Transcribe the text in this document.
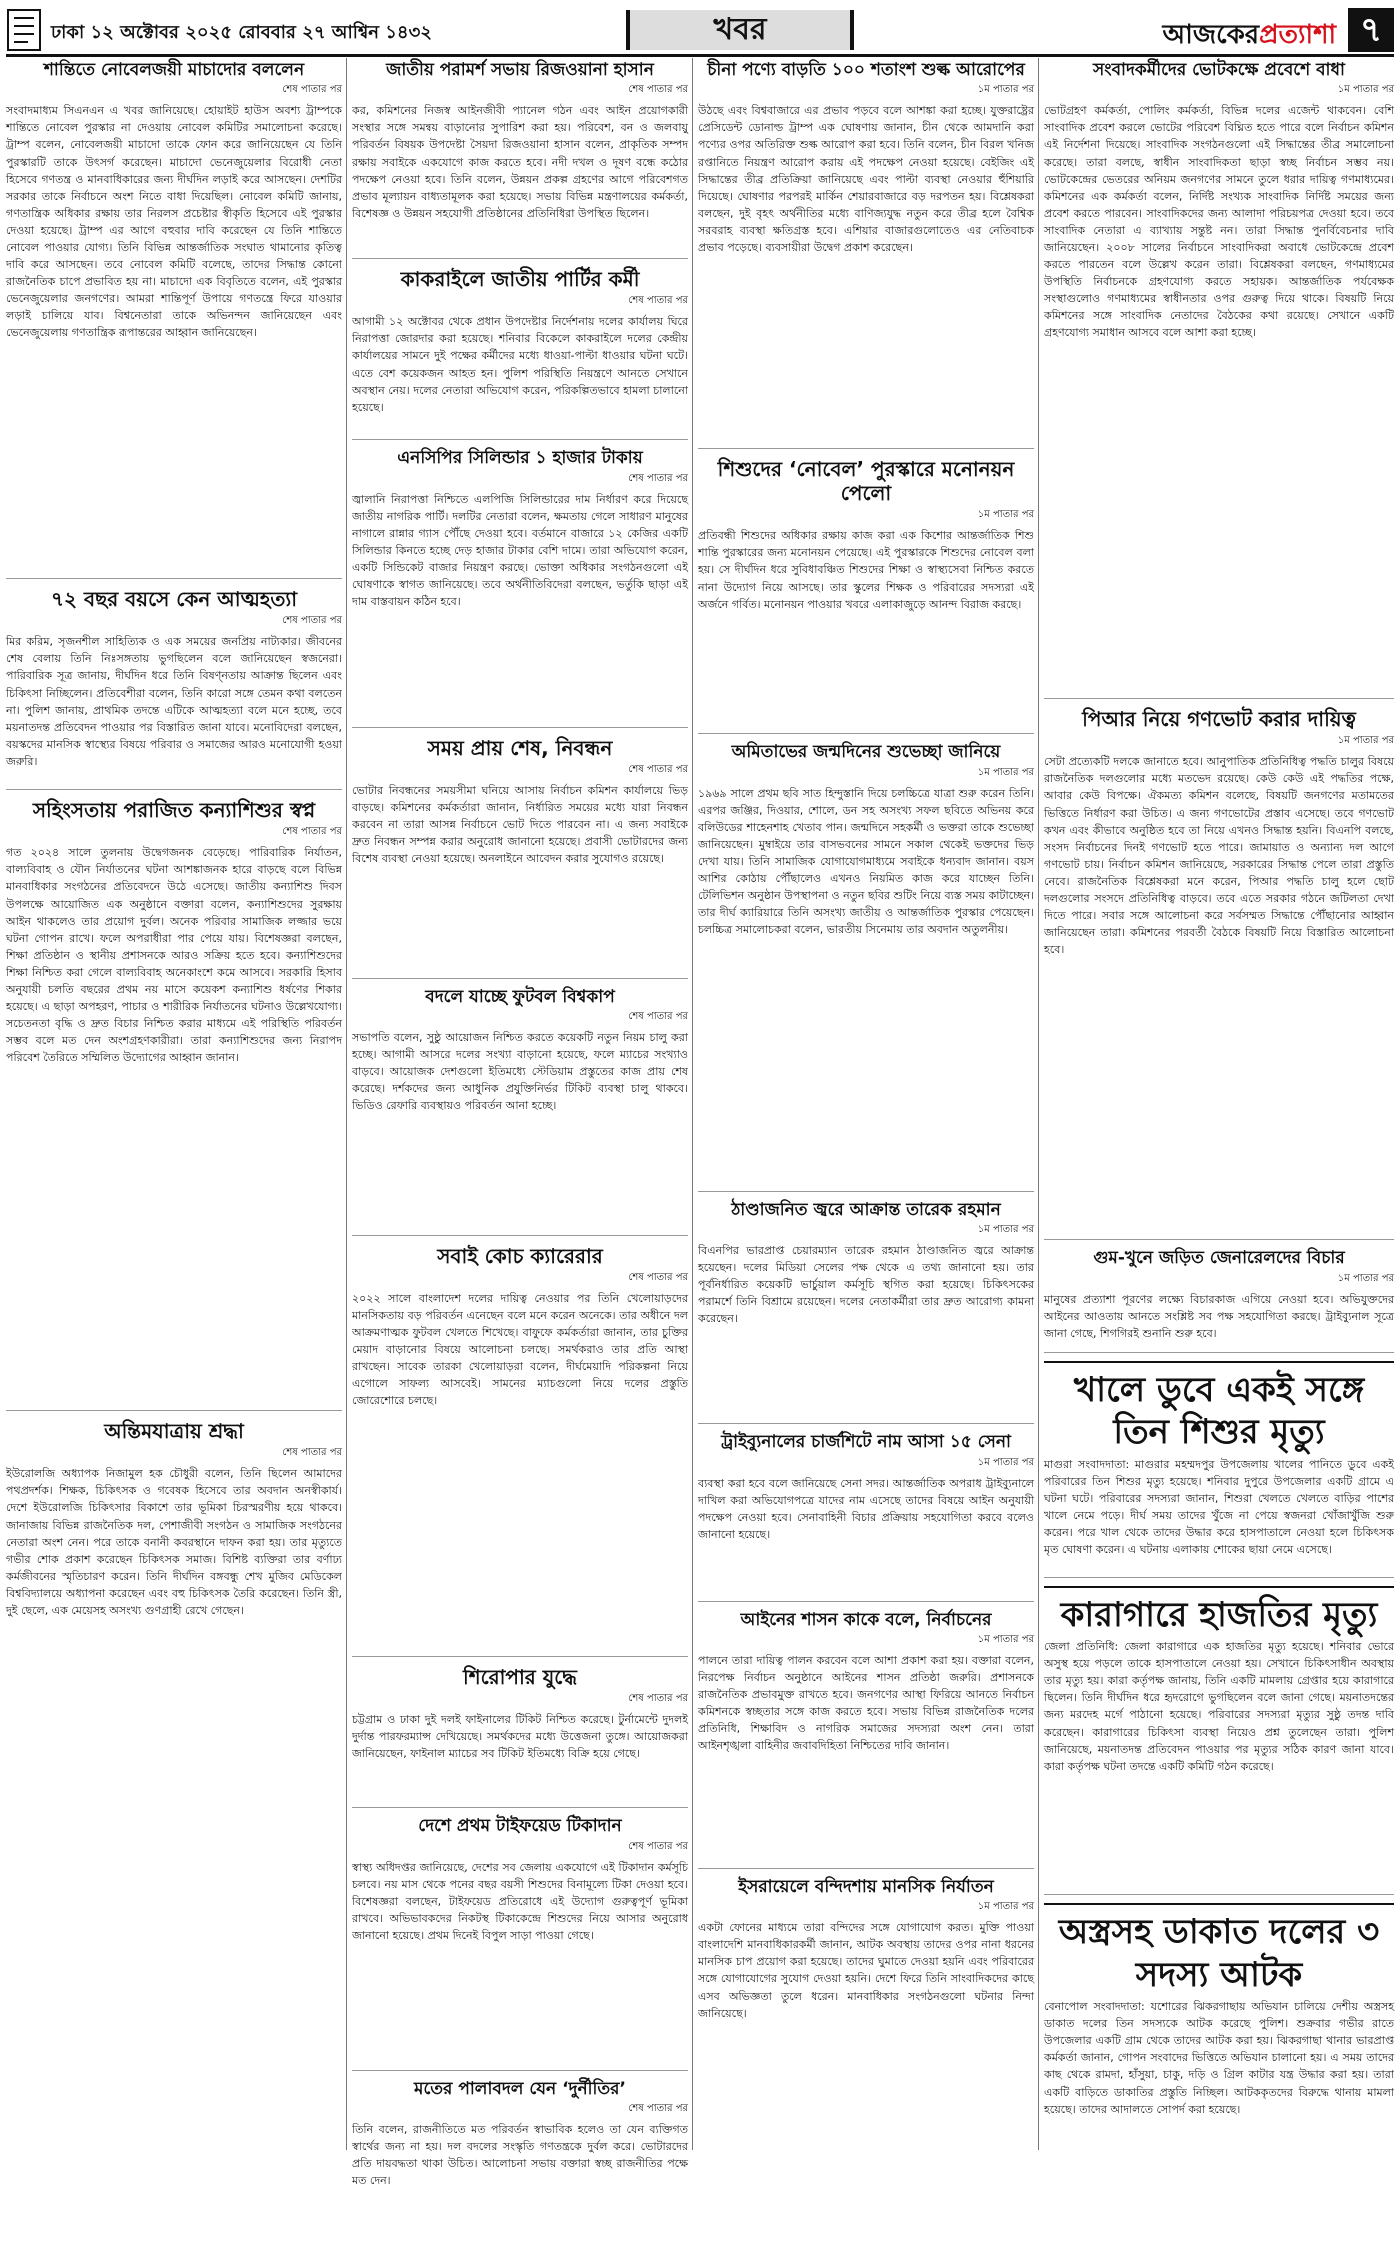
ঢাকা ১২ অক্টোবর ২০২৫ রোববার ২৭ আশ্বিন ১৪৩২	খবর	আজকেরপ্রত্যাশা ৭
শান্তিতে নোবেলজয়ী মাচাদোর বললেন
শেষ পাতার পর

সংবাদমাধ্যম সিএনএন এ খবর জানিয়েছে। হোয়াইট হাউস অবশ্য ট্রাম্পকে শান্তিতে নোবেল পুরস্কার না দেওয়ায় নোবেল কমিটির সমালোচনা করেছে। ট্রাম্প বলেন, নোবেলজয়ী মাচাদো তাকে ফোন করে জানিয়েছেন যে তিনি পুরস্কারটি তাকে উৎসর্গ করেছেন। মাচাদো ভেনেজুয়েলার বিরোধী নেতা হিসেবে গণতন্ত্র ও মানবাধিকারের জন্য দীর্ঘদিন লড়াই করে আসছেন। দেশটির সরকার তাকে নির্বাচনে অংশ নিতে বাধা দিয়েছিল। নোবেল কমিটি জানায়, গণতান্ত্রিক অধিকার রক্ষায় তার নিরলস প্রচেষ্টার স্বীকৃতি হিসেবে এই পুরস্কার দেওয়া হয়েছে। ট্রাম্প এর আগে বহুবার দাবি করেছেন যে তিনি শান্তিতে নোবেল পাওয়ার যোগ্য। তিনি বিভিন্ন আন্তর্জাতিক সংঘাত থামানোর কৃতিত্ব দাবি করে আসছেন। তবে নোবেল কমিটি বলেছে, তাদের সিদ্ধান্ত কোনো রাজনৈতিক চাপে প্রভাবিত হয় না। মাচাদো এক বিবৃতিতে বলেন, এই পুরস্কার ভেনেজুয়েলার জনগণের। আমরা শান্তিপূর্ণ উপায়ে গণতন্ত্রে ফিরে যাওয়ার লড়াই চালিয়ে যাব। বিশ্বনেতারা তাকে অভিনন্দন জানিয়েছেন এবং ভেনেজুয়েলায় গণতান্ত্রিক রূপান্তরের আহ্বান জানিয়েছেন।

৭২ বছর বয়সে কেন আত্মহত্যা
শেষ পাতার পর

মির করিম, সৃজনশীল সাহিত্যিক ও এক সময়ের জনপ্রিয় নাট্যকার। জীবনের শেষ বেলায় তিনি নিঃসঙ্গতায় ভুগছিলেন বলে জানিয়েছেন স্বজনেরা। পারিবারিক সূত্র জানায়, দীর্ঘদিন ধরে তিনি বিষণ্নতায় আক্রান্ত ছিলেন এবং চিকিৎসা নিচ্ছিলেন। প্রতিবেশীরা বলেন, তিনি কারো সঙ্গে তেমন কথা বলতেন না। পুলিশ জানায়, প্রাথমিক তদন্তে এটিকে আত্মহত্যা বলে মনে হচ্ছে, তবে ময়নাতদন্ত প্রতিবেদন পাওয়ার পর বিস্তারিত জানা যাবে। মনোবিদেরা বলছেন, বয়স্কদের মানসিক স্বাস্থ্যের বিষয়ে পরিবার ও সমাজের আরও মনোযোগী হওয়া জরুরি।

সহিংসতায় পরাজিত কন্যাশিশুর স্বপ্ন
শেষ পাতার পর

গত ২০২৪ সালে তুলনায় উদ্বেগজনক বেড়েছে। পারিবারিক নির্যাতন, বাল্যবিবাহ ও যৌন নির্যাতনের ঘটনা আশঙ্কাজনক হারে বাড়ছে বলে বিভিন্ন মানবাধিকার সংগঠনের প্রতিবেদনে উঠে এসেছে। জাতীয় কন্যাশিশু দিবস উপলক্ষে আয়োজিত এক অনুষ্ঠানে বক্তারা বলেন, কন্যাশিশুদের সুরক্ষায় আইন থাকলেও তার প্রয়োগ দুর্বল। অনেক পরিবার সামাজিক লজ্জার ভয়ে ঘটনা গোপন রাখে। ফলে অপরাধীরা পার পেয়ে যায়। বিশেষজ্ঞরা বলছেন, শিক্ষা প্রতিষ্ঠান ও স্থানীয় প্রশাসনকে আরও সক্রিয় হতে হবে। কন্যাশিশুদের শিক্ষা নিশ্চিত করা গেলে বাল্যবিবাহ অনেকাংশে কমে আসবে। সরকারি হিসাব অনুযায়ী চলতি বছরের প্রথম নয় মাসে কয়েকশ কন্যাশিশু ধর্ষণের শিকার হয়েছে। এ ছাড়া অপহরণ, পাচার ও শারীরিক নির্যাতনের ঘটনাও উল্লেখযোগ্য। সচেতনতা বৃদ্ধি ও দ্রুত বিচার নিশ্চিত করার মাধ্যমে এই পরিস্থিতি পরিবর্তন সম্ভব বলে মত দেন অংশগ্রহণকারীরা। তারা কন্যাশিশুদের জন্য নিরাপদ পরিবেশ তৈরিতে সম্মিলিত উদ্যোগের আহ্বান জানান।

অন্তিমযাত্রায় শ্রদ্ধা
শেষ পাতার পর

ইউরোলজি অধ্যাপক নিজামুল হক চৌধুরী বলেন, তিনি ছিলেন আমাদের পথপ্রদর্শক। শিক্ষক, চিকিৎসক ও গবেষক হিসেবে তার অবদান অনস্বীকার্য। দেশে ইউরোলজি চিকিৎসার বিকাশে তার ভূমিকা চিরস্মরণীয় হয়ে থাকবে। জানাজায় বিভিন্ন রাজনৈতিক দল, পেশাজীবী সংগঠন ও সামাজিক সংগঠনের নেতারা অংশ নেন। পরে তাকে বনানী কবরস্থানে দাফন করা হয়। তার মৃত্যুতে গভীর শোক প্রকাশ করেছেন চিকিৎসক সমাজ। বিশিষ্ট ব্যক্তিরা তার বর্ণাঢ্য কর্মজীবনের স্মৃতিচারণ করেন। তিনি দীর্ঘদিন বঙ্গবন্ধু শেখ মুজিব মেডিকেল বিশ্ববিদ্যালয়ে অধ্যাপনা করেছেন এবং বহু চিকিৎসক তৈরি করেছেন। তিনি স্ত্রী, দুই ছেলে, এক মেয়েসহ অসংখ্য গুণগ্রাহী রেখে গেছেন।

জাতীয় পরামর্শ সভায় রিজওয়ানা হাসান
শেষ পাতার পর

কর, কমিশনের নিজস্ব আইনজীবী প্যানেল গঠন এবং আইন প্রয়োগকারী সংস্থার সঙ্গে সমন্বয় বাড়ানোর সুপারিশ করা হয়। পরিবেশ, বন ও জলবায়ু পরিবর্তন বিষয়ক উপদেষ্টা সৈয়দা রিজওয়ানা হাসান বলেন, প্রাকৃতিক সম্পদ রক্ষায় সবাইকে একযোগে কাজ করতে হবে। নদী দখল ও দূষণ বন্ধে কঠোর পদক্ষেপ নেওয়া হবে। তিনি বলেন, উন্নয়ন প্রকল্প গ্রহণের আগে পরিবেশগত প্রভাব মূল্যায়ন বাধ্যতামূলক করা হয়েছে। সভায় বিভিন্ন মন্ত্রণালয়ের কর্মকর্তা, বিশেষজ্ঞ ও উন্নয়ন সহযোগী প্রতিষ্ঠানের প্রতিনিধিরা উপস্থিত ছিলেন।

কাকরাইলে জাতীয় পার্টির কর্মী
শেষ পাতার পর

আগামী ১২ অক্টোবর থেকে প্রধান উপদেষ্টার নির্দেশনায় দলের কার্যালয় ঘিরে নিরাপত্তা জোরদার করা হয়েছে। শনিবার বিকেলে কাকরাইলে দলের কেন্দ্রীয় কার্যালয়ের সামনে দুই পক্ষের কর্মীদের মধ্যে ধাওয়া-পাল্টা ধাওয়ার ঘটনা ঘটে। এতে বেশ কয়েকজন আহত হন। পুলিশ পরিস্থিতি নিয়ন্ত্রণে আনতে সেখানে অবস্থান নেয়। দলের নেতারা অভিযোগ করেন, পরিকল্পিতভাবে হামলা চালানো হয়েছে।

এনসিপির সিলিন্ডার ১ হাজার টাকায়
শেষ পাতার পর

জ্বালানি নিরাপত্তা নিশ্চিতে এলপিজি সিলিন্ডারের দাম নির্ধারণ করে দিয়েছে জাতীয় নাগরিক পার্টি। দলটির নেতারা বলেন, ক্ষমতায় গেলে সাধারণ মানুষের নাগালে রান্নার গ্যাস পৌঁছে দেওয়া হবে। বর্তমানে বাজারে ১২ কেজির একটি সিলিন্ডার কিনতে হচ্ছে দেড় হাজার টাকার বেশি দামে। তারা অভিযোগ করেন, একটি সিন্ডিকেট বাজার নিয়ন্ত্রণ করছে। ভোক্তা অধিকার সংগঠনগুলো এই ঘোষণাকে স্বাগত জানিয়েছে। তবে অর্থনীতিবিদেরা বলছেন, ভর্তুকি ছাড়া এই দাম বাস্তবায়ন কঠিন হবে।

সময় প্রায় শেষ, নিবন্ধন
শেষ পাতার পর

ভোটার নিবন্ধনের সময়সীমা ঘনিয়ে আসায় নির্বাচন কমিশন কার্যালয়ে ভিড় বাড়ছে। কমিশনের কর্মকর্তারা জানান, নির্ধারিত সময়ের মধ্যে যারা নিবন্ধন করবেন না তারা আসন্ন নির্বাচনে ভোট দিতে পারবেন না। এ জন্য সবাইকে দ্রুত নিবন্ধন সম্পন্ন করার অনুরোধ জানানো হয়েছে। প্রবাসী ভোটারদের জন্য বিশেষ ব্যবস্থা নেওয়া হয়েছে। অনলাইনে আবেদন করার সুযোগও রয়েছে।

বদলে যাচ্ছে ফুটবল বিশ্বকাপ
শেষ পাতার পর

সভাপতি বলেন, সুষ্ঠু আয়োজন নিশ্চিত করতে কয়েকটি নতুন নিয়ম চালু করা হচ্ছে। আগামী আসরে দলের সংখ্যা বাড়ানো হয়েছে, ফলে ম্যাচের সংখ্যাও বাড়বে। আয়োজক দেশগুলো ইতিমধ্যে স্টেডিয়াম প্রস্তুতের কাজ প্রায় শেষ করেছে। দর্শকদের জন্য আধুনিক প্রযুক্তিনির্ভর টিকিট ব্যবস্থা চালু থাকবে। ভিডিও রেফারি ব্যবস্থায়ও পরিবর্তন আনা হচ্ছে।

সবাই কোচ ক্যারেরার
শেষ পাতার পর

২০২২ সালে বাংলাদেশ দলের দায়িত্ব নেওয়ার পর তিনি খেলোয়াড়দের মানসিকতায় বড় পরিবর্তন এনেছেন বলে মনে করেন অনেকে। তার অধীনে দল আক্রমণাত্মক ফুটবল খেলতে শিখেছে। বাফুফে কর্মকর্তারা জানান, তার চুক্তির মেয়াদ বাড়ানোর বিষয়ে আলোচনা চলছে। সমর্থকরাও তার প্রতি আস্থা রাখছেন। সাবেক তারকা খেলোয়াড়রা বলেন, দীর্ঘমেয়াদি পরিকল্পনা নিয়ে এগোলে সাফল্য আসবেই। সামনের ম্যাচগুলো নিয়ে দলের প্রস্তুতি জোরেশোরে চলছে।

শিরোপার যুদ্ধে
শেষ পাতার পর

চট্টগ্রাম ও ঢাকা দুই দলই ফাইনালের টিকিট নিশ্চিত করেছে। টুর্নামেন্টে দুদলই দুর্দান্ত পারফরম্যান্স দেখিয়েছে। সমর্থকদের মধ্যে উত্তেজনা তুঙ্গে। আয়োজকরা জানিয়েছেন, ফাইনাল ম্যাচের সব টিকিট ইতিমধ্যে বিক্রি হয়ে গেছে।

দেশে প্রথম টাইফয়েড টিকাদান
শেষ পাতার পর

স্বাস্থ্য অধিদপ্তর জানিয়েছে, দেশের সব জেলায় একযোগে এই টিকাদান কর্মসূচি চলবে। নয় মাস থেকে পনের বছর বয়সী শিশুদের বিনামূল্যে টিকা দেওয়া হবে। বিশেষজ্ঞরা বলছেন, টাইফয়েড প্রতিরোধে এই উদ্যোগ গুরুত্বপূর্ণ ভূমিকা রাখবে। অভিভাবকদের নিকটস্থ টিকাকেন্দ্রে শিশুদের নিয়ে আসার অনুরোধ জানানো হয়েছে। প্রথম দিনেই বিপুল সাড়া পাওয়া গেছে।

মতের পালাবদল যেন ‘দুর্নীতির’
শেষ পাতার পর

তিনি বলেন, রাজনীতিতে মত পরিবর্তন স্বাভাবিক হলেও তা যেন ব্যক্তিগত স্বার্থের জন্য না হয়। দল বদলের সংস্কৃতি গণতন্ত্রকে দুর্বল করে। ভোটারদের প্রতি দায়বদ্ধতা থাকা উচিত। আলোচনা সভায় বক্তারা স্বচ্ছ রাজনীতির পক্ষে মত দেন।

চীনা পণ্যে বাড়তি ১০০ শতাংশ শুল্ক আরোপের
১ম পাতার পর

উঠছে এবং বিশ্ববাজারে এর প্রভাব পড়বে বলে আশঙ্কা করা হচ্ছে। যুক্তরাষ্ট্রের প্রেসিডেন্ট ডোনাল্ড ট্রাম্প এক ঘোষণায় জানান, চীন থেকে আমদানি করা পণ্যের ওপর অতিরিক্ত শুল্ক আরোপ করা হবে। তিনি বলেন, চীন বিরল খনিজ রপ্তানিতে নিয়ন্ত্রণ আরোপ করায় এই পদক্ষেপ নেওয়া হয়েছে। বেইজিং এই সিদ্ধান্তের তীব্র প্রতিক্রিয়া জানিয়েছে এবং পাল্টা ব্যবস্থা নেওয়ার হুঁশিয়ারি দিয়েছে। ঘোষণার পরপরই মার্কিন শেয়ারবাজারে বড় দরপতন হয়। বিশ্লেষকরা বলছেন, দুই বৃহৎ অর্থনীতির মধ্যে বাণিজ্যযুদ্ধ নতুন করে তীব্র হলে বৈশ্বিক সরবরাহ ব্যবস্থা ক্ষতিগ্রস্ত হবে। এশিয়ার বাজারগুলোতেও এর নেতিবাচক প্রভাব পড়েছে। ব্যবসায়ীরা উদ্বেগ প্রকাশ করেছেন।

শিশুদের ‘নোবেল’ পুরস্কারে মনোনয়ন পেলো
১ম পাতার পর

প্রতিবন্ধী শিশুদের অধিকার রক্ষায় কাজ করা এক কিশোর আন্তর্জাতিক শিশু শান্তি পুরস্কারের জন্য মনোনয়ন পেয়েছে। এই পুরস্কারকে শিশুদের নোবেল বলা হয়। সে দীর্ঘদিন ধরে সুবিধাবঞ্চিত শিশুদের শিক্ষা ও স্বাস্থ্যসেবা নিশ্চিত করতে নানা উদ্যোগ নিয়ে আসছে। তার স্কুলের শিক্ষক ও পরিবারের সদস্যরা এই অর্জনে গর্বিত। মনোনয়ন পাওয়ার খবরে এলাকাজুড়ে আনন্দ বিরাজ করছে।

অমিতাভের জন্মদিনের শুভেচ্ছা জানিয়ে
১ম পাতার পর

১৯৬৯ সালে প্রথম ছবি সাত হিন্দুস্তানি দিয়ে চলচ্চিত্রে যাত্রা শুরু করেন তিনি। এরপর জঞ্জির, দিওয়ার, শোলে, ডন সহ অসংখ্য সফল ছবিতে অভিনয় করে বলিউডের শাহেনশাহ খেতাব পান। জন্মদিনে সহকর্মী ও ভক্তরা তাকে শুভেচ্ছা জানিয়েছেন। মুম্বাইয়ে তার বাসভবনের সামনে সকাল থেকেই ভক্তদের ভিড় দেখা যায়। তিনি সামাজিক যোগাযোগমাধ্যমে সবাইকে ধন্যবাদ জানান। বয়স আশির কোঠায় পৌঁছালেও এখনও নিয়মিত কাজ করে যাচ্ছেন তিনি। টেলিভিশন অনুষ্ঠান উপস্থাপনা ও নতুন ছবির শুটিং নিয়ে ব্যস্ত সময় কাটাচ্ছেন। তার দীর্ঘ ক্যারিয়ারে তিনি অসংখ্য জাতীয় ও আন্তর্জাতিক পুরস্কার পেয়েছেন। চলচ্চিত্র সমালোচকরা বলেন, ভারতীয় সিনেমায় তার অবদান অতুলনীয়।

ঠাণ্ডাজনিত জ্বরে আক্রান্ত তারেক রহমান
১ম পাতার পর

বিএনপির ভারপ্রাপ্ত চেয়ারম্যান তারেক রহমান ঠাণ্ডাজনিত জ্বরে আক্রান্ত হয়েছেন। দলের মিডিয়া সেলের পক্ষ থেকে এ তথ্য জানানো হয়। তার পূর্বনির্ধারিত কয়েকটি ভার্চুয়াল কর্মসূচি স্থগিত করা হয়েছে। চিকিৎসকের পরামর্শে তিনি বিশ্রামে রয়েছেন। দলের নেতাকর্মীরা তার দ্রুত আরোগ্য কামনা করেছেন।

ট্রাইব্যুনালের চার্জশিটে নাম আসা ১৫ সেনা
১ম পাতার পর

ব্যবস্থা করা হবে বলে জানিয়েছে সেনা সদর। আন্তর্জাতিক অপরাধ ট্রাইব্যুনালে দাখিল করা অভিযোগপত্রে যাদের নাম এসেছে তাদের বিষয়ে আইন অনুযায়ী পদক্ষেপ নেওয়া হবে। সেনাবাহিনী বিচার প্রক্রিয়ায় সহযোগিতা করবে বলেও জানানো হয়েছে।

আইনের শাসন কাকে বলে, নির্বাচনের
১ম পাতার পর

পালনে তারা দায়িত্ব পালন করবেন বলে আশা প্রকাশ করা হয়। বক্তারা বলেন, নিরপেক্ষ নির্বাচন অনুষ্ঠানে আইনের শাসন প্রতিষ্ঠা জরুরি। প্রশাসনকে রাজনৈতিক প্রভাবমুক্ত রাখতে হবে। জনগণের আস্থা ফিরিয়ে আনতে নির্বাচন কমিশনকে স্বচ্ছতার সঙ্গে কাজ করতে হবে। সভায় বিভিন্ন রাজনৈতিক দলের প্রতিনিধি, শিক্ষাবিদ ও নাগরিক সমাজের সদস্যরা অংশ নেন। তারা আইনশৃঙ্খলা বাহিনীর জবাবদিহিতা নিশ্চিতের দাবি জানান।

ইসরায়েলে বন্দিদশায় মানসিক নির্যাতন
১ম পাতার পর

একটা ফোনের মাধ্যমে তারা বন্দিদের সঙ্গে যোগাযোগ করত। মুক্তি পাওয়া বাংলাদেশি মানবাধিকারকর্মী জানান, আটক অবস্থায় তাদের ওপর নানা ধরনের মানসিক চাপ প্রয়োগ করা হয়েছে। তাদের ঘুমাতে দেওয়া হয়নি এবং পরিবারের সঙ্গে যোগাযোগের সুযোগ দেওয়া হয়নি। দেশে ফিরে তিনি সাংবাদিকদের কাছে এসব অভিজ্ঞতা তুলে ধরেন। মানবাধিকার সংগঠনগুলো ঘটনার নিন্দা জানিয়েছে।

সংবাদকর্মীদের ভোটকক্ষে প্রবেশে বাধা
১ম পাতার পর

ভোটগ্রহণ কর্মকর্তা, পোলিং কর্মকর্তা, বিভিন্ন দলের এজেন্ট থাকবেন। বেশি সাংবাদিক প্রবেশ করলে ভোটের পরিবেশ বিঘ্নিত হতে পারে বলে নির্বাচন কমিশন এই নির্দেশনা দিয়েছে। সাংবাদিক সংগঠনগুলো এই সিদ্ধান্তের তীব্র সমালোচনা করেছে। তারা বলছে, স্বাধীন সাংবাদিকতা ছাড়া স্বচ্ছ নির্বাচন সম্ভব নয়। ভোটকেন্দ্রের ভেতরের অনিয়ম জনগণের সামনে তুলে ধরার দায়িত্ব গণমাধ্যমের। কমিশনের এক কর্মকর্তা বলেন, নির্দিষ্ট সংখ্যক সাংবাদিক নির্দিষ্ট সময়ের জন্য প্রবেশ করতে পারবেন। সাংবাদিকদের জন্য আলাদা পরিচয়পত্র দেওয়া হবে। তবে সাংবাদিক নেতারা এ ব্যাখ্যায় সন্তুষ্ট নন। তারা সিদ্ধান্ত পুনর্বিবেচনার দাবি জানিয়েছেন। ২০০৮ সালের নির্বাচনে সাংবাদিকরা অবাধে ভোটকেন্দ্রে প্রবেশ করতে পারতেন বলে উল্লেখ করেন তারা। বিশ্লেষকরা বলছেন, গণমাধ্যমের উপস্থিতি নির্বাচনকে গ্রহণযোগ্য করতে সহায়ক। আন্তর্জাতিক পর্যবেক্ষক সংস্থাগুলোও গণমাধ্যমের স্বাধীনতার ওপর গুরুত্ব দিয়ে থাকে। বিষয়টি নিয়ে কমিশনের সঙ্গে সাংবাদিক নেতাদের বৈঠকের কথা রয়েছে। সেখানে একটি গ্রহণযোগ্য সমাধান আসবে বলে আশা করা হচ্ছে।

পিআর নিয়ে গণভোট করার দায়িত্ব
১ম পাতার পর

সেটা প্রত্যেকটি দলকে জানাতে হবে। আনুপাতিক প্রতিনিধিত্ব পদ্ধতি চালুর বিষয়ে রাজনৈতিক দলগুলোর মধ্যে মতভেদ রয়েছে। কেউ কেউ এই পদ্ধতির পক্ষে, আবার কেউ বিপক্ষে। ঐকমত্য কমিশন বলেছে, বিষয়টি জনগণের মতামতের ভিত্তিতে নির্ধারণ করা উচিত। এ জন্য গণভোটের প্রস্তাব এসেছে। তবে গণভোট কখন এবং কীভাবে অনুষ্ঠিত হবে তা নিয়ে এখনও সিদ্ধান্ত হয়নি। বিএনপি বলছে, সংসদ নির্বাচনের দিনই গণভোট হতে পারে। জামায়াত ও অন্যান্য দল আগে গণভোট চায়। নির্বাচন কমিশন জানিয়েছে, সরকারের সিদ্ধান্ত পেলে তারা প্রস্তুতি নেবে। রাজনৈতিক বিশ্লেষকরা মনে করেন, পিআর পদ্ধতি চালু হলে ছোট দলগুলোর সংসদে প্রতিনিধিত্ব বাড়বে। তবে এতে সরকার গঠনে জটিলতা দেখা দিতে পারে। সবার সঙ্গে আলোচনা করে সর্বসম্মত সিদ্ধান্তে পৌঁছানোর আহ্বান জানিয়েছেন তারা। কমিশনের পরবর্তী বৈঠকে বিষয়টি নিয়ে বিস্তারিত আলোচনা হবে।

গুম-খুনে জড়িত জেনারেলদের বিচার
১ম পাতার পর

মানুষের প্রত্যাশা পূরণের লক্ষ্যে বিচারকাজ এগিয়ে নেওয়া হবে। অভিযুক্তদের আইনের আওতায় আনতে সংশ্লিষ্ট সব পক্ষ সহযোগিতা করছে। ট্রাইব্যুনাল সূত্রে জানা গেছে, শিগগিরই শুনানি শুরু হবে।

খালে ডুবে একই সঙ্গে তিন শিশুর মৃত্যু

মাগুরা সংবাদদাতা: মাগুরার মহম্মদপুর উপজেলায় খালের পানিতে ডুবে একই পরিবারের তিন শিশুর মৃত্যু হয়েছে। শনিবার দুপুরে উপজেলার একটি গ্রামে এ ঘটনা ঘটে। পরিবারের সদস্যরা জানান, শিশুরা খেলতে খেলতে বাড়ির পাশের খালে নেমে পড়ে। দীর্ঘ সময় তাদের খুঁজে না পেয়ে স্বজনরা খোঁজাখুঁজি শুরু করেন। পরে খাল থেকে তাদের উদ্ধার করে হাসপাতালে নেওয়া হলে চিকিৎসক মৃত ঘোষণা করেন। এ ঘটনায় এলাকায় শোকের ছায়া নেমে এসেছে।

কারাগারে হাজতির মৃত্যু

জেলা প্রতিনিধি: জেলা কারাগারে এক হাজতির মৃত্যু হয়েছে। শনিবার ভোরে অসুস্থ হয়ে পড়লে তাকে হাসপাতালে নেওয়া হয়। সেখানে চিকিৎসাধীন অবস্থায় তার মৃত্যু হয়। কারা কর্তৃপক্ষ জানায়, তিনি একটি মামলায় গ্রেপ্তার হয়ে কারাগারে ছিলেন। তিনি দীর্ঘদিন ধরে হৃদরোগে ভুগছিলেন বলে জানা গেছে। ময়নাতদন্তের জন্য মরদেহ মর্গে পাঠানো হয়েছে। পরিবারের সদস্যরা মৃত্যুর সুষ্ঠু তদন্ত দাবি করেছেন। কারাগারের চিকিৎসা ব্যবস্থা নিয়েও প্রশ্ন তুলেছেন তারা। পুলিশ জানিয়েছে, ময়নাতদন্ত প্রতিবেদন পাওয়ার পর মৃত্যুর সঠিক কারণ জানা যাবে। কারা কর্তৃপক্ষ ঘটনা তদন্তে একটি কমিটি গঠন করেছে।

অস্ত্রসহ ডাকাত দলের ৩ সদস্য আটক

বেনাপোল সংবাদদাতা: যশোরের ঝিকরগাছায় অভিযান চালিয়ে দেশীয় অস্ত্রসহ ডাকাত দলের তিন সদস্যকে আটক করেছে পুলিশ। শুক্রবার গভীর রাতে উপজেলার একটি গ্রাম থেকে তাদের আটক করা হয়। ঝিকরগাছা থানার ভারপ্রাপ্ত কর্মকর্তা জানান, গোপন সংবাদের ভিত্তিতে অভিযান চালানো হয়। এ সময় তাদের কাছ থেকে রামদা, হাঁসুয়া, চাকু, দড়ি ও গ্রিল কাটার যন্ত্র উদ্ধার করা হয়। তারা একটি বাড়িতে ডাকাতির প্রস্তুতি নিচ্ছিল। আটককৃতদের বিরুদ্ধে থানায় মামলা হয়েছে। তাদের আদালতে সোপর্দ করা হয়েছে।
